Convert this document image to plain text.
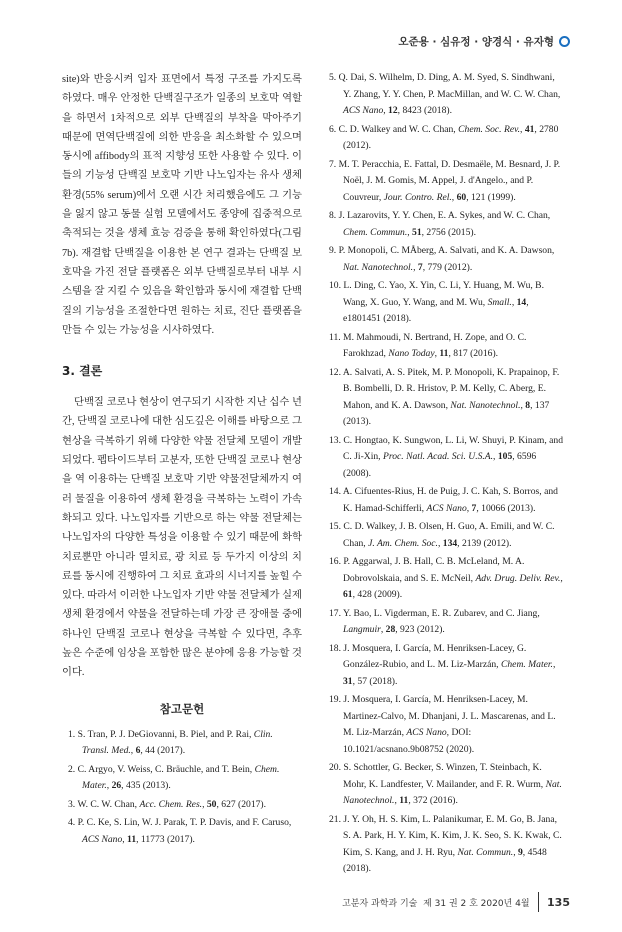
오준용 · 심유정 · 양경식 · 유자형

site)와 반응시켜 입자 표면에서 특정 구조를 가지도록 하였다. 매우 안정한 단백질구조가 일종의 보호막 역할을 하면서 1차적으로 외부 단백질의 부착을 막아주기 때문에 면역단백질에 의한 반응을 최소화할 수 있으며 동시에 affibody의 표적 지향성 또한 사용할 수 있다. 이들의 기능성 단백질 보호막 기반 나노입자는 유사 생체 환경(55% serum)에서 오랜 시간 처리했음에도 그 기능을 잃지 않고 동물 실험 모델에서도 종양에 집중적으로 축적되는 것을 생체 효능 검증을 통해 확인하였다(그림 7b). 재결합 단백질을 이용한 본 연구 결과는 단백질 보호막을 가진 전달 플랫폼은 외부 단백질로부터 내부 시스템을 잘 지킬 수 있음을 확인함과 동시에 재결합 단백질의 기능성을 조절한다면 원하는 치료, 진단 플랫폼을 만들 수 있는 가능성을 시사하였다.

3. 결론

단백질 코로나 현상이 연구되기 시작한 지난 십수 년간, 단백질 코로나에 대한 심도깊은 이해를 바탕으로 그 현상을 극복하기 위해 다양한 약물 전달체 모델이 개발되었다. 펩타이드부터 고분자, 또한 단백질 코로나 현상을 역 이용하는 단백질 보호막 기반 약물전달체까지 여러 물질을 이용하여 생체 환경을 극복하는 노력이 가속화되고 있다. 나노입자를 기반으로 하는 약물 전달체는 나노입자의 다양한 특성을 이용할 수 있기 때문에 화학 치료뿐만 아니라 열치료, 광 치료 등 두가지 이상의 치료를 동시에 진행하여 그 치료 효과의 시너지를 높힐 수 있다. 따라서 이러한 나노입자 기반 약물 전달체가 실제 생체 환경에서 약물을 전달하는데 가장 큰 장애물 중에 하나인 단백질 코로나 현상을 극복할 수 있다면, 추후 높은 수준에 임상을 포함한 많은 분야에 응용 가능할 것이다.

참고문헌

1. S. Tran, P. J. DeGiovanni, B. Piel, and P. Rai, Clin. Transl. Med., 6, 44 (2017).

2. C. Argyo, V. Weiss, C. Bräuchle, and T. Bein, Chem. Mater., 26, 435 (2013).

3. W. C. W. Chan, Acc. Chem. Res., 50, 627 (2017).

4. P. C. Ke, S. Lin, W. J. Parak, T. P. Davis, and F. Caruso, ACS Nano, 11, 11773 (2017).

5. Q. Dai, S. Wilhelm, D. Ding, A. M. Syed, S. Sindhwani, Y. Zhang, Y. Y. Chen, P. MacMillan, and W. C. W. Chan, ACS Nano, 12, 8423 (2018).

6. C. D. Walkey and W. C. Chan, Chem. Soc. Rev., 41, 2780 (2012).

7. M. T. Peracchia, E. Fattal, D. Desmaële, M. Besnard, J. P. Noël, J. M. Gomis, M. Appel, J. d'Angelo., and P. Couvreur, Jour. Contro. Rel., 60, 121 (1999).

8. J. Lazarovits, Y. Y. Chen, E. A. Sykes, and W. C. Chan, Chem. Commun., 51, 2756 (2015).

9. P. Monopoli, C. MÅberg, A. Salvati, and K. A. Dawson, Nat. Nanotechnol., 7, 779 (2012).

10. L. Ding, C. Yao, X. Yin, C. Li, Y. Huang, M. Wu, B. Wang, X. Guo, Y. Wang, and M. Wu, Small., 14, e1801451 (2018).

11. M. Mahmoudi, N. Bertrand, H. Zope, and O. C. Farokhzad, Nano Today, 11, 817 (2016).

12. A. Salvati, A. S. Pitek, M. P. Monopoli, K. Prapainop, F. B. Bombelli, D. R. Hristov, P. M. Kelly, C. Aberg, E. Mahon, and K. A. Dawson, Nat. Nanotechnol., 8, 137 (2013).

13. C. Hongtao, K. Sungwon, L. Li, W. Shuyi, P. Kinam, and C. Ji-Xin, Proc. Natl. Acad. Sci. U.S.A., 105, 6596 (2008).

14. A. Cifuentes-Rius, H. de Puig, J. C. Kah, S. Borros, and K. Hamad-Schifferli, ACS Nano, 7, 10066 (2013).

15. C. D. Walkey, J. B. Olsen, H. Guo, A. Emili, and W. C. Chan, J. Am. Chem. Soc., 134, 2139 (2012).

16. P. Aggarwal, J. B. Hall, C. B. McLeland, M. A. Dobrovolskaia, and S. E. McNeil, Adv. Drug. Deliv. Rev., 61, 428 (2009).

17. Y. Bao, L. Vigderman, E. R. Zubarev, and C. Jiang, Langmuir, 28, 923 (2012).

18. J. Mosquera, I. García, M. Henriksen-Lacey, G. González-Rubio, and L. M. Liz-Marzán, Chem. Mater., 31, 57 (2018).

19. J. Mosquera, I. García, M. Henriksen-Lacey, M. Martinez-Calvo, M. Dhanjani, J. L. Mascarenas, and L. M. Liz-Marzán, ACS Nano, DOI: 10.1021/acsnano.9b08752 (2020).

20. S. Schottler, G. Becker, S. Winzen, T. Steinbach, K. Mohr, K. Landfester, V. Mailander, and F. R. Wurm, Nat. Nanotechnol., 11, 372 (2016).

21. J. Y. Oh, H. S. Kim, L. Palanikumar, E. M. Go, B. Jana, S. A. Park, H. Y. Kim, K. Kim, J. K. Seo, S. K. Kwak, C. Kim, S. Kang, and J. H. Ryu, Nat. Commun., 9, 4548 (2018).

고분자 과학과 기술  제 31 권 2 호 2020년 4월 135
